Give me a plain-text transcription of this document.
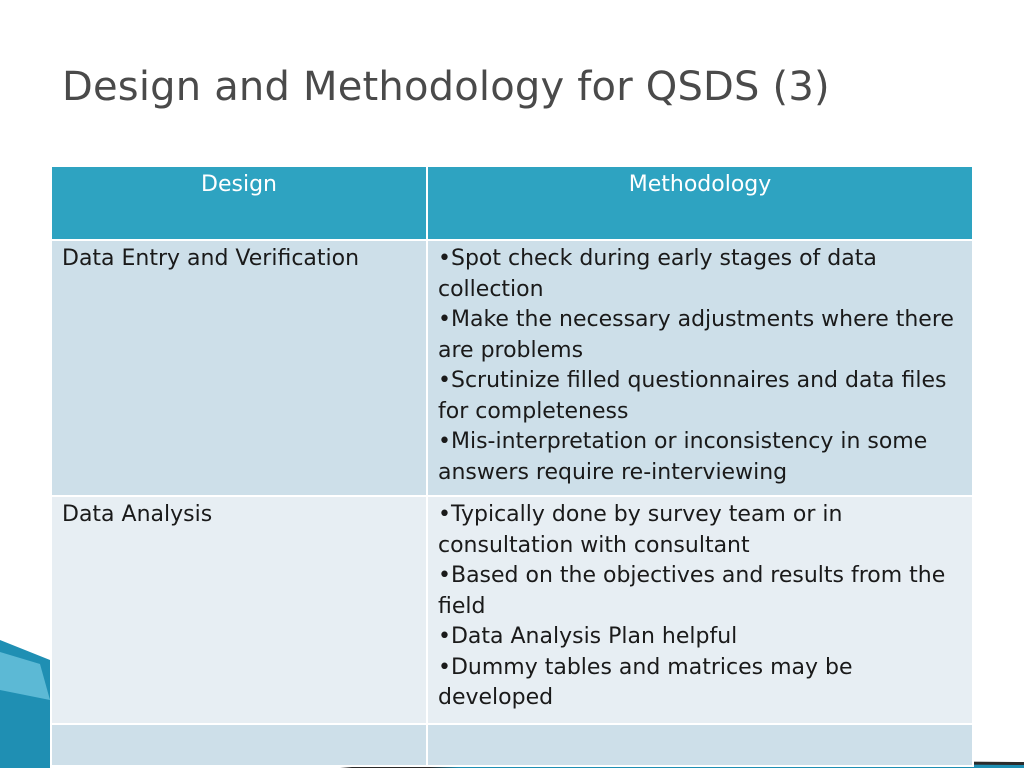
Design and Methodology for QSDS (3)
Design	Methodology
Data Entry and Verification	•Spot check during early stages of data collection
•Make the necessary adjustments where there are problems
•Scrutinize filled questionnaires and data files for completeness
•Mis-interpretation or inconsistency in some answers require re-interviewing

Data Analysis	•Typically done by survey team or in consultation with consultant
•Based on the objectives and results from the field
•Data Analysis Plan helpful
•Dummy tables and matrices may be developed
